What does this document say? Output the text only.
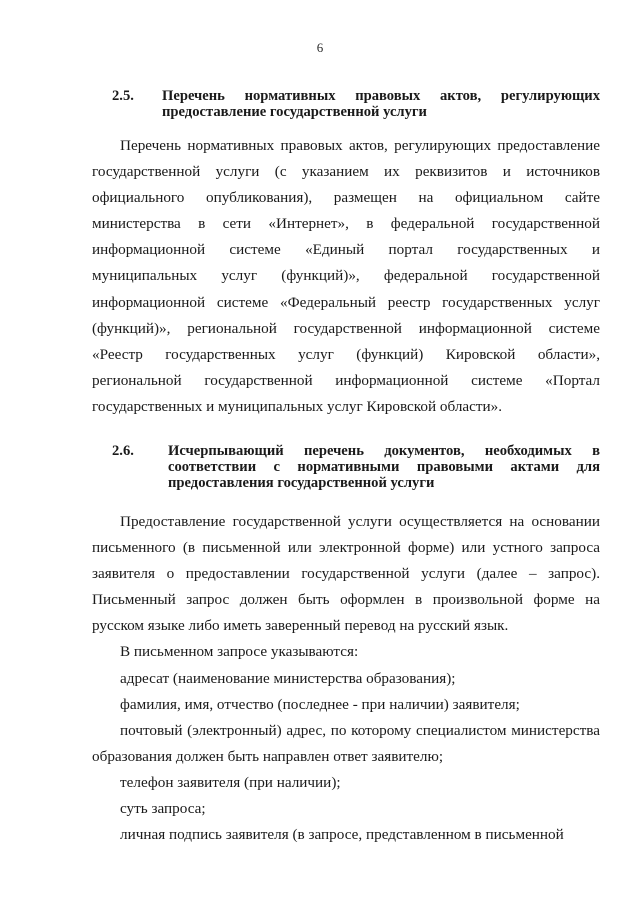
6
2.5.	Перечень нормативных правовых актов, регулирующих предоставление государственной услуги

Перечень нормативных правовых актов, регулирующих предоставление государственной услуги (с указанием их реквизитов и источников официального опубликования), размещен на официальном сайте министерства в сети «Интернет», в федеральной государственной информационной системе «Единый портал государственных и муниципальных услуг (функций)», федеральной государственной информационной системе «Федеральный реестр государственных услуг (функций)», региональной государственной информационной системе «Реестр государственных услуг (функций) Кировской области», региональной государственной информационной системе «Портал государственных и муниципальных услуг Кировской области».

2.6.	Исчерпывающий перечень документов, необходимых в соответствии с нормативными правовыми актами для предоставления государственной услуги

Предоставление государственной услуги осуществляется на основании письменного (в письменной или электронной форме) или устного запроса заявителя о предоставлении государственной услуги (далее – запрос). Письменный запрос должен быть оформлен в произвольной форме на русском языке либо иметь заверенный перевод на русский язык.

В письменном запросе указываются:

адресат (наименование министерства образования);

фамилия, имя, отчество (последнее - при наличии) заявителя;

почтовый (электронный) адрес, по которому специалистом министерства образования должен быть направлен ответ заявителю;

телефон заявителя (при наличии);

суть запроса;

личная подпись заявителя (в запросе, представленном в письменной
